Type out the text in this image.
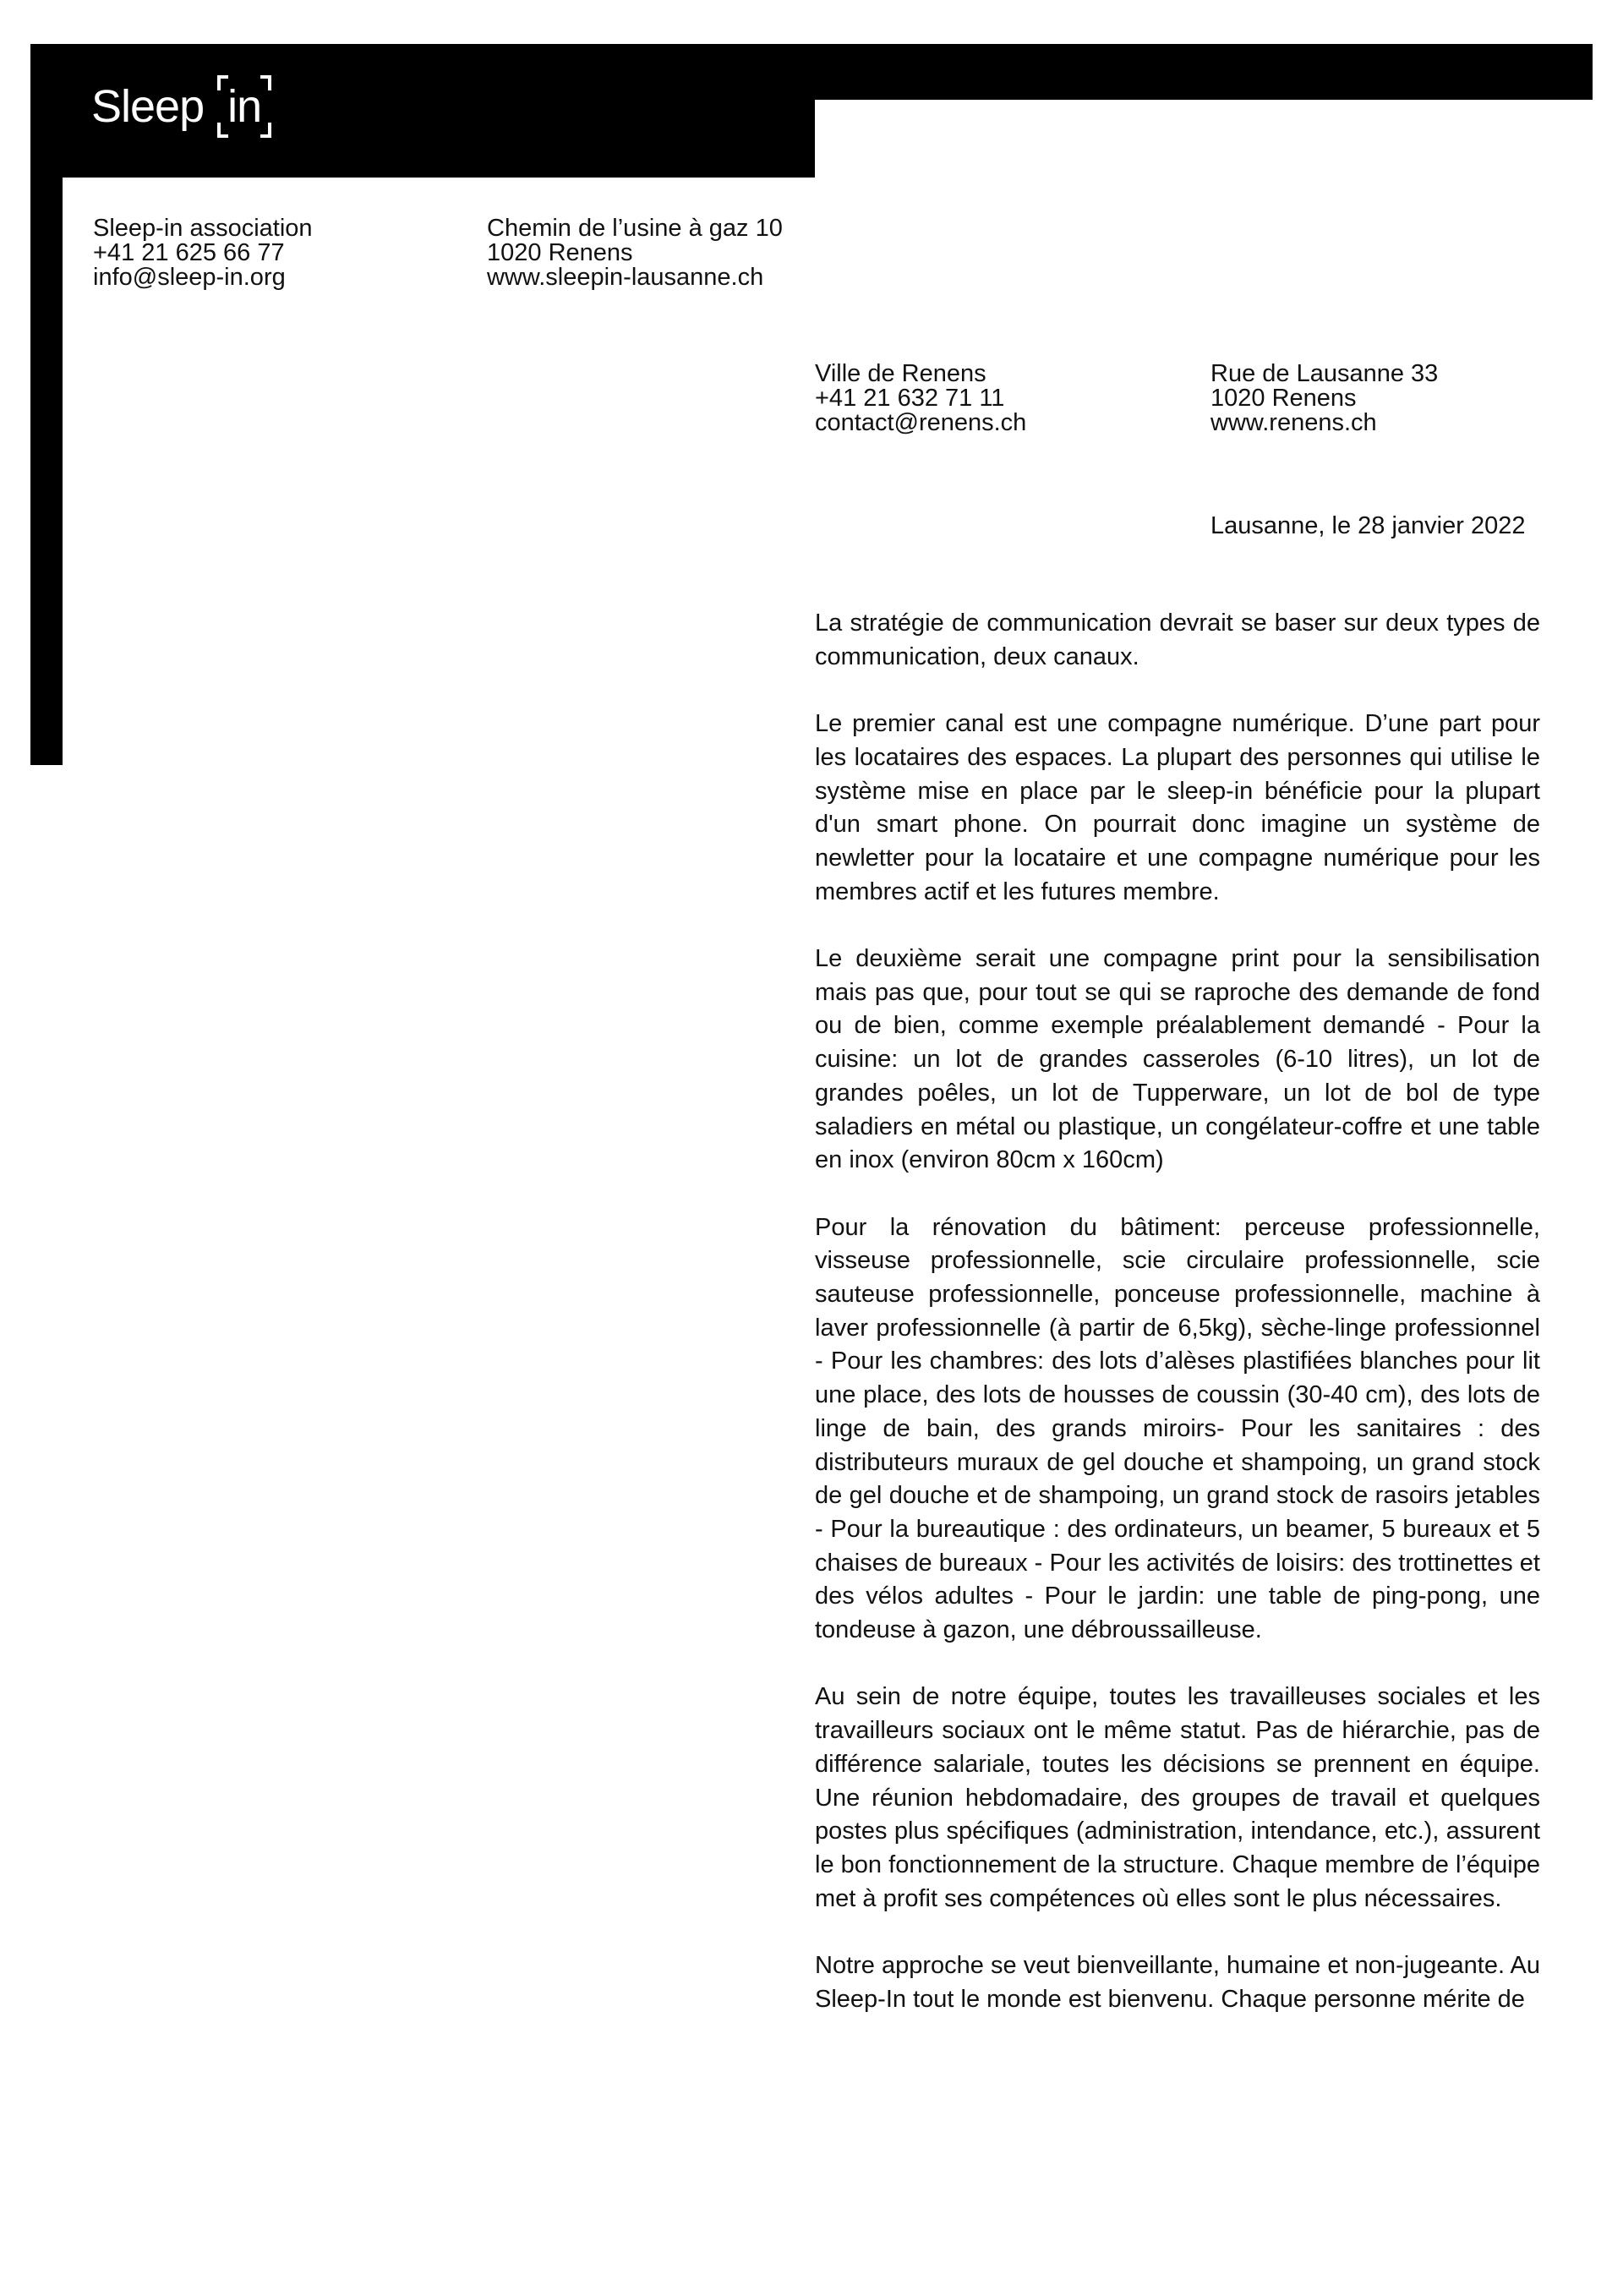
Sleep in
Sleep-in association
+41 21 625 66 77
info@sleep-in.org
Chemin de l’usine à gaz 10
1020 Renens
www.sleepin-lausanne.ch
Ville de Renens
+41 21 632 71 11
contact@renens.ch
Rue de Lausanne 33
1020 Renens
www.renens.ch
Lausanne, le 28 janvier 2022

La stratégie de communication devrait se baser sur deux types de communication, deux canaux.

Le premier canal est une compagne numérique. D’une part pour les locataires des espaces. La plupart des personnes qui utilise le système mise en place par le sleep-in bénéficie pour la plupart d'un smart phone. On pourrait donc imagine un système de newletter pour la locataire et une compagne numérique pour les membres actif et les futures membre.

Le deuxième serait une compagne print pour la sensibilisation mais pas que, pour tout se qui se raproche des demande de fond ou de bien, comme exemple préalablement demandé - Pour la cuisine: un lot de grandes casseroles (6-10 litres), un lot de grandes poêles, un lot de Tupperware, un lot de bol de type saladiers en métal ou plastique, un congélateur-coffre et une table en inox (environ 80cm x 160cm)

Pour la rénovation du bâtiment: perceuse professionnelle, visseuse professionnelle, scie circulaire professionnelle, scie sauteuse professionnelle, ponceuse professionnelle, machine à laver professionnelle (à partir de 6,5kg), sèche-linge professionnel - Pour les chambres: des lots d’alèses plastifiées blanches pour lit une place, des lots de housses de coussin (30-40 cm), des lots de linge de bain, des grands miroirs- Pour les sanitaires : des distributeurs muraux de gel douche et shampoing, un grand stock de gel douche et de shampoing, un grand stock de rasoirs jetables - Pour la bureautique : des ordinateurs, un beamer, 5 bureaux et 5 chaises de bureaux - Pour les activités de loisirs: des trottinettes et des vélos adultes - Pour le jardin: une table de ping-pong, une tondeuse à gazon, une débroussailleuse.

Au sein de notre équipe, toutes les travailleuses sociales et les travailleurs sociaux ont le même statut. Pas de hiérarchie, pas de différence salariale, toutes les décisions se prennent en équipe. Une réunion hebdomadaire, des groupes de travail et quelques postes plus spécifiques (administration, intendance, etc.), assurent le bon fonctionnement de la structure. Chaque membre de l’équipe met à profit ses compétences où elles sont le plus nécessaires.

Notre approche se veut bienveillante, humaine et non-jugeante. Au Sleep-In tout le monde est bienvenu. Chaque personne mérite de
